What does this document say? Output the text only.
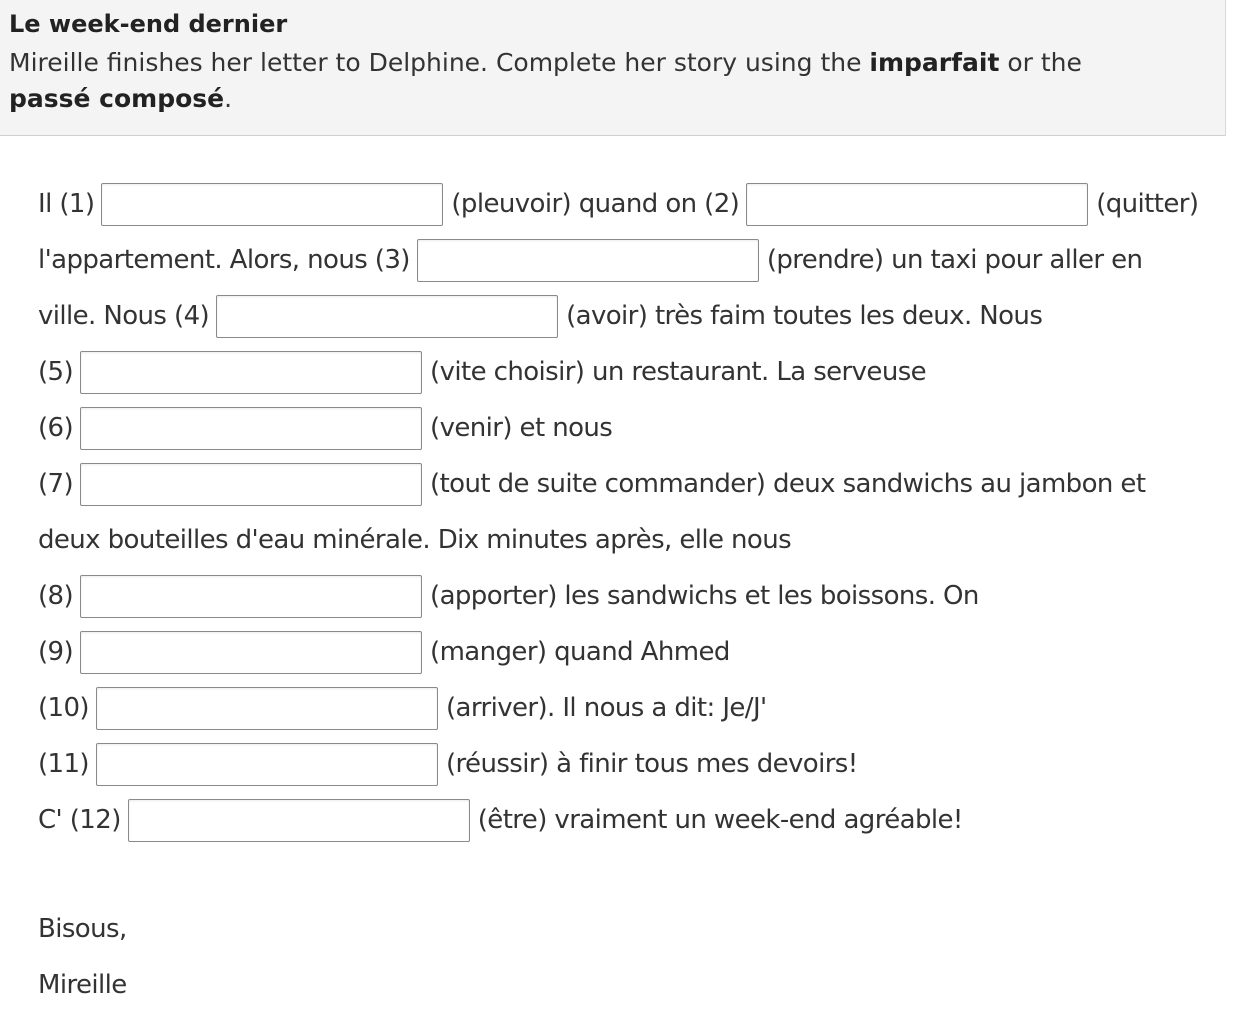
Le week-end dernier
Mireille finishes her letter to Delphine. Complete her story using the imparfait or the passé composé.
Il (1)	(pleuvoir) quand on (2)	(quitter)
l'appartement. Alors, nous (3)	(prendre) un taxi pour aller en
ville. Nous (4)	(avoir) très faim toutes les deux. Nous
(5)	(vite choisir) un restaurant. La serveuse
(6)	(venir) et nous
(7)	(tout de suite commander) deux sandwichs au jambon et
deux bouteilles d'eau minérale. Dix minutes après, elle nous
(8)	(apporter) les sandwichs et les boissons. On
(9)	(manger) quand Ahmed
(10)	(arriver). Il nous a dit: Je/J'
(11)	(réussir) à finir tous mes devoirs!
C' (12)	(être) vraiment un week-end agréable!
Bisous,
Mireille
